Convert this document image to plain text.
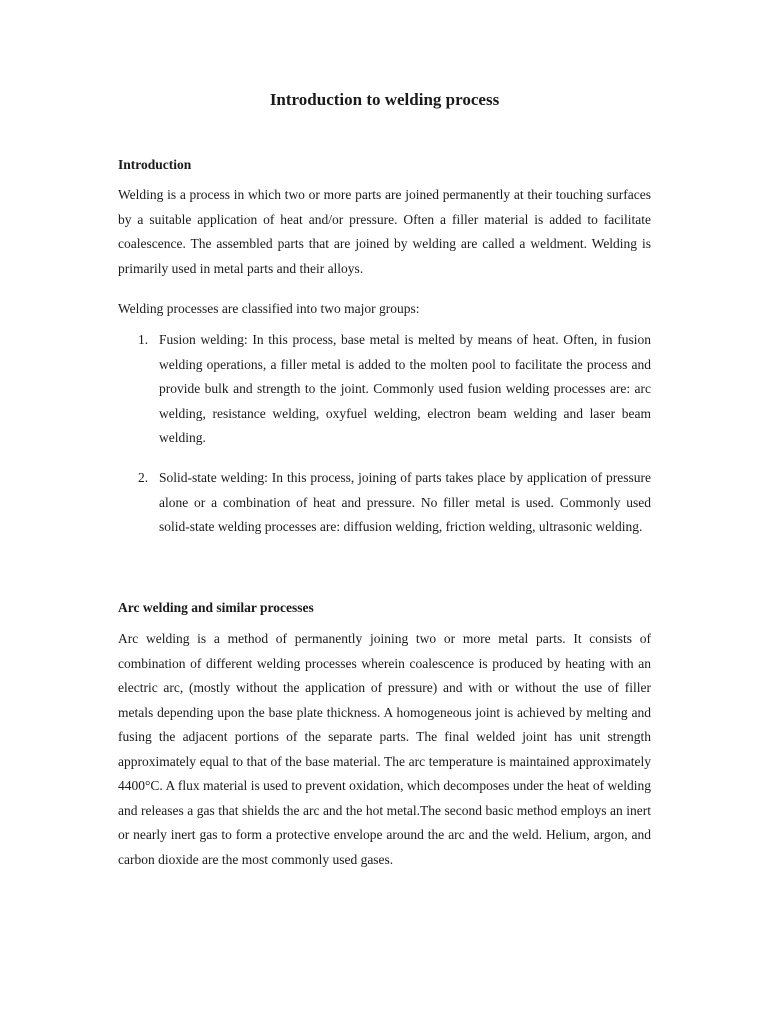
Introduction to welding process
Introduction

Welding is a process in which two or more parts are joined permanently at their touching surfaces by a suitable application of heat and/or pressure. Often a filler material is added to facilitate coalescence. The assembled parts that are joined by welding are called a weldment. Welding is primarily used in metal parts and their alloys.

Welding processes are classified into two major groups:

1. Fusion welding: In this process, base metal is melted by means of heat. Often, in fusion welding operations, a filler metal is added to the molten pool to facilitate the process and provide bulk and strength to the joint. Commonly used fusion welding processes are: arc welding, resistance welding, oxyfuel welding, electron beam welding and laser beam welding.

2. Solid-state welding: In this process, joining of parts takes place by application of pressure alone or a combination of heat and pressure. No filler metal is used. Commonly used solid-state welding processes are: diffusion welding, friction welding, ultrasonic welding.

Arc welding and similar processes

Arc welding is a method of permanently joining two or more metal parts. It consists of combination of different welding processes wherein coalescence is produced by heating with an electric arc, (mostly without the application of pressure) and with or without the use of filler metals depending upon the base plate thickness. A homogeneous joint is achieved by melting and fusing the adjacent portions of the separate parts. The final welded joint has unit strength approximately equal to that of the base material. The arc temperature is maintained approximately 4400°C. A flux material is used to prevent oxidation, which decomposes under the heat of welding and releases a gas that shields the arc and the hot metal.The second basic method employs an inert or nearly inert gas to form a protective envelope around the arc and the weld. Helium, argon, and carbon dioxide are the most commonly used gases.
